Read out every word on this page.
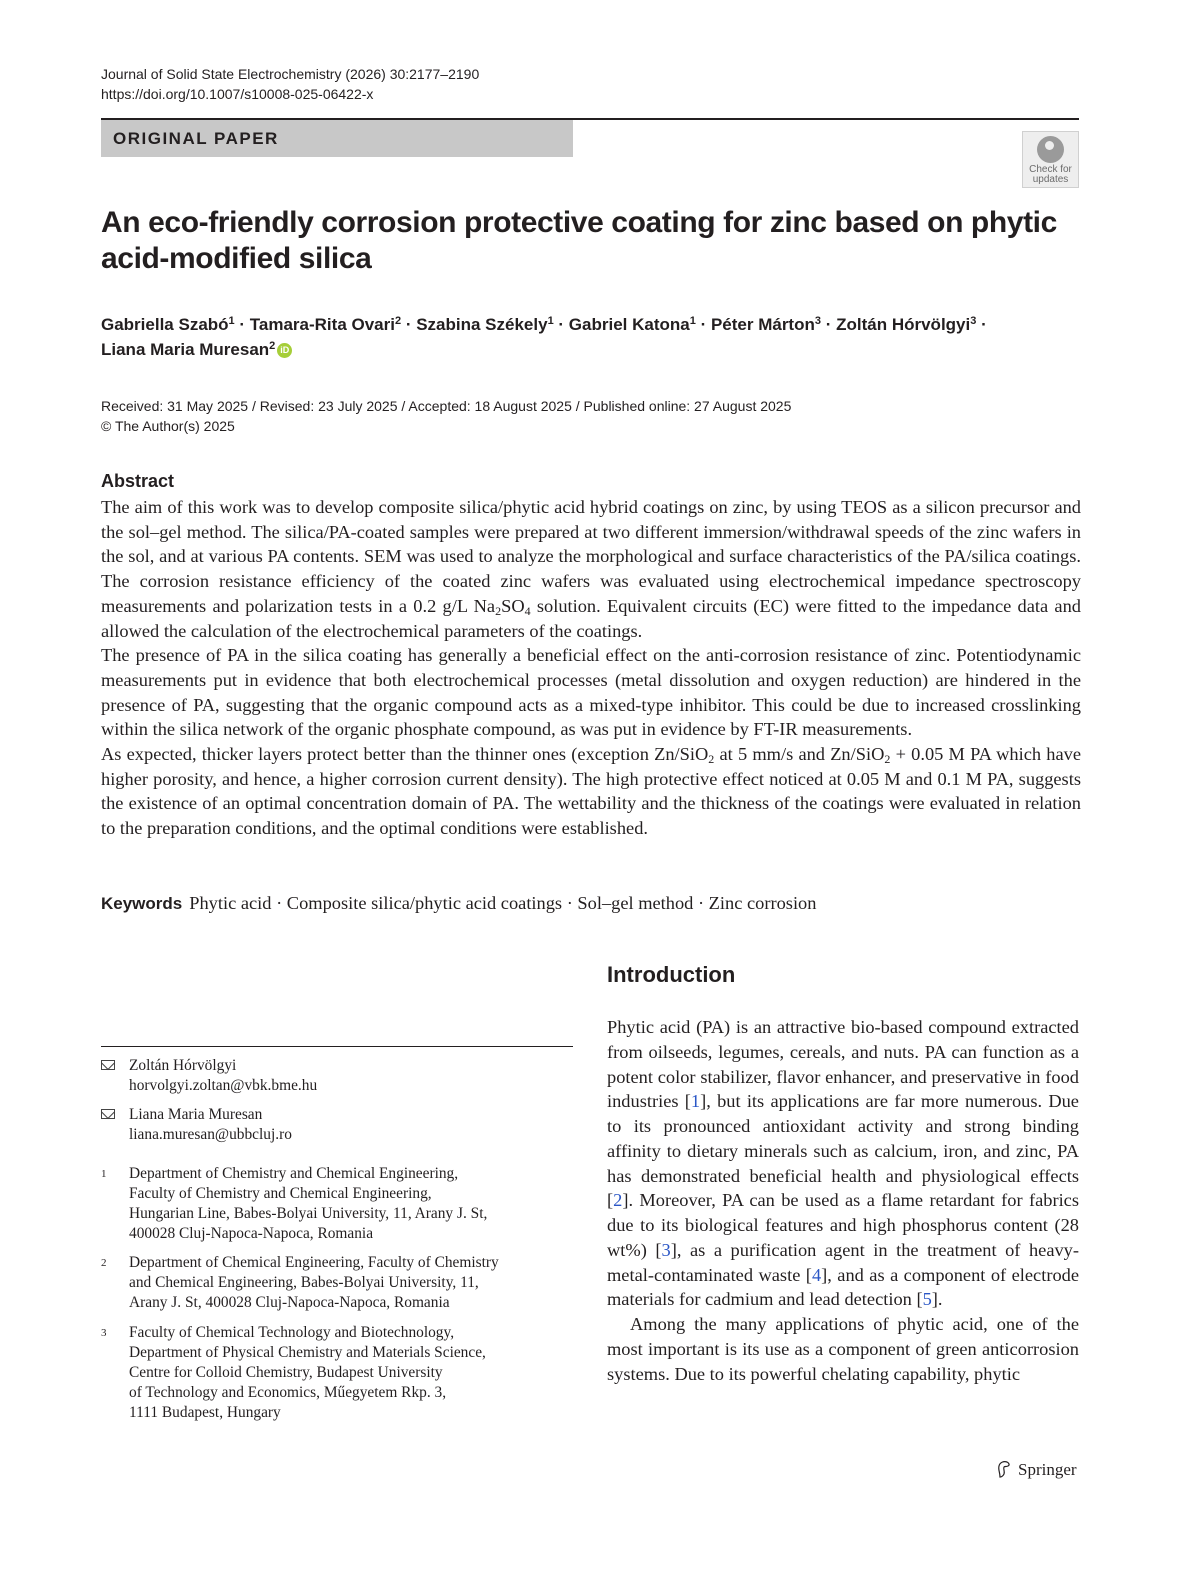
Journal of Solid State Electrochemistry (2026) 30:2177–2190
https://doi.org/10.1007/s10008-025-06422-x
ORIGINAL PAPER
Check for
updates
An eco-friendly corrosion protective coating for zinc based on phytic
acid-modified silica
Gabriella Szabó$^1$ · Tamara-Rita Ovari$^2$ · Szabina Székely$^1$ · Gabriel Katona$^1$ · Péter Márton$^3$ · Zoltán Hórvölgyi$^3$ ·
Liana Maria Muresan$^2$ iD
Received: 31 May 2025 / Revised: 23 July 2025 / Accepted: 18 August 2025 / Published online: 27 August 2025
© The Author(s) 2025
Abstract

The aim of this work was to develop composite silica/phytic acid hybrid coatings on zinc, by using TEOS as a silicon precursor and the sol–gel method. The silica/PA-coated samples were prepared at two different immersion/withdrawal speeds of the zinc wafers in the sol, and at various PA contents. SEM was used to analyze the morphological and surface characteristics of the PA/silica coatings. The corrosion resistance efficiency of the coated zinc wafers was evaluated using electrochemical impedance spectroscopy measurements and polarization tests in a 0.2 g/L $Na_2SO_4$ solution. Equivalent circuits (EC) were fitted to the impedance data and allowed the calculation of the electrochemical parameters of the coatings.

The presence of PA in the silica coating has generally a beneficial effect on the anti-corrosion resistance of zinc. Potentiodynamic measurements put in evidence that both electrochemical processes (metal dissolution and oxygen reduction) are hindered in the presence of PA, suggesting that the organic compound acts as a mixed-type inhibitor. This could be due to increased crosslinking within the silica network of the organic phosphate compound, as was put in evidence by FT-IR measurements.

As expected, thicker layers protect better than the thinner ones (exception Zn/SiO$_2$ at 5 mm/s and Zn/SiO$_2$ + 0.05 M PA which have higher porosity, and hence, a higher corrosion current density). The high protective effect noticed at 0.05 M and 0.1 M PA, suggests the existence of an optimal concentration domain of PA. The wettability and the thickness of the coatings were evaluated in relation to the preparation conditions, and the optimal conditions were established.

Keywords Phytic acid · Composite silica/phytic acid coatings · Sol–gel method · Zinc corrosion
Introduction

Phytic acid (PA) is an attractive bio-based compound extracted from oilseeds, legumes, cereals, and nuts. PA can function as a potent color stabilizer, flavor enhancer, and preservative in food industries [1], but its applications are far more numerous. Due to its pronounced antioxidant activity and strong binding affinity to dietary minerals such as calcium, iron, and zinc, PA has demonstrated beneficial health and physiological effects [2]. Moreover, PA can be used as a flame retardant for fabrics due to its biological features and high phosphorus content (28 wt%) [3], as a purification agent in the treatment of heavy-metal-contaminated waste [4], and as a component of electrode materials for cadmium and lead detection [5].

Among the many applications of phytic acid, one of the most important is its use as a component of green anticorrosion systems. Due to its powerful chelating capability, phytic

Zoltán Hórvölgyi
horvolgyi.zoltan@vbk.bme.hu
Liana Maria Muresan
liana.muresan@ubbcluj.ro
1 Department of Chemistry and Chemical Engineering,
Faculty of Chemistry and Chemical Engineering,
Hungarian Line, Babes-Bolyai University, 11, Arany J. St,
400028 Cluj-Napoca-Napoca, Romania
2 Department of Chemical Engineering, Faculty of Chemistry
and Chemical Engineering, Babes-Bolyai University, 11,
Arany J. St, 400028 Cluj-Napoca-Napoca, Romania
3 Faculty of Chemical Technology and Biotechnology,
Department of Physical Chemistry and Materials Science,
Centre for Colloid Chemistry, Budapest University
of Technology and Economics, Műegyetem Rkp. 3,
1111 Budapest, Hungary
Springer
